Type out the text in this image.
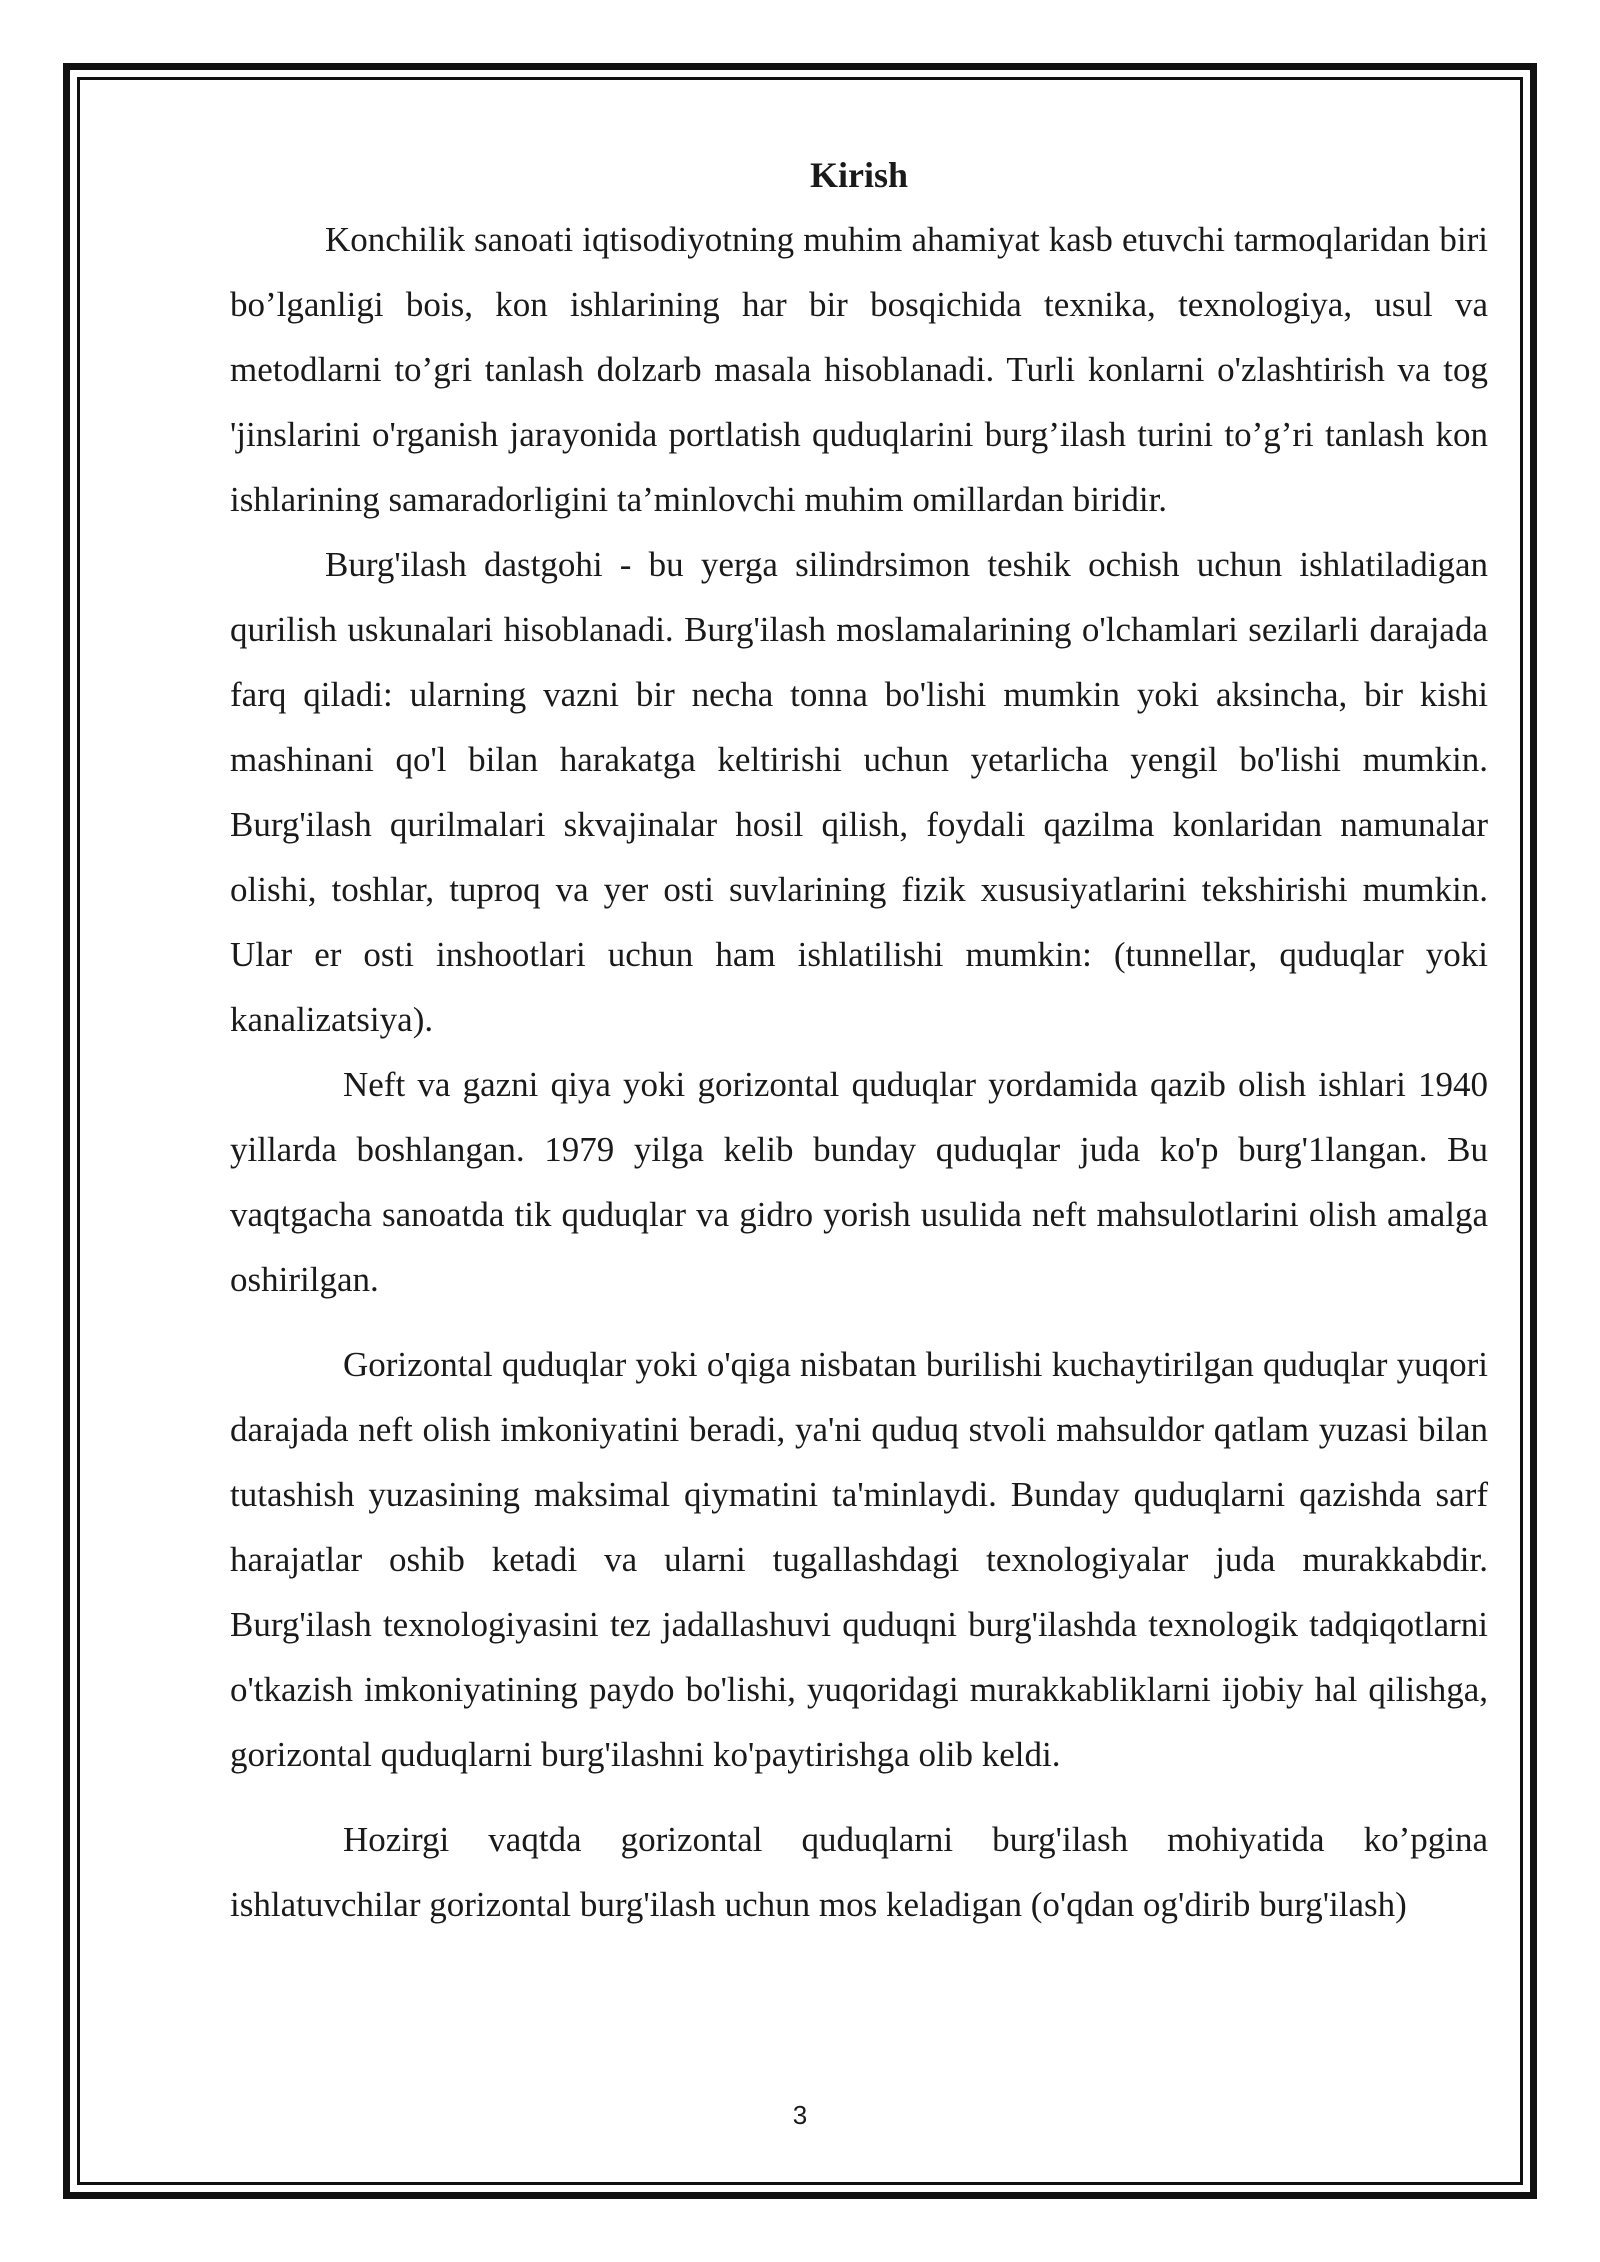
Kirish

Konchilik sanoati iqtisodiyotning muhim ahamiyat kasb etuvchi tarmoqlaridan biri bo’lganligi bois, kon ishlarining har bir bosqichida texnika, texnologiya, usul va metodlarni to’gri tanlash dolzarb masala hisoblanadi. Turli konlarni o'zlashtirish va tog 'jinslarini o'rganish jarayonida portlatish quduqlarini burg’ilash turini to’g’ri tanlash kon ishlarining samaradorligini ta’minlovchi muhim omillardan biridir.

Burg'ilash dastgohi - bu yerga silindrsimon teshik ochish uchun ishlatiladigan qurilish uskunalari hisoblanadi. Burg'ilash moslamalarining o'lchamlari sezilarli darajada farq qiladi: ularning vazni bir necha tonna bo'lishi mumkin yoki aksincha, bir kishi mashinani qo'l bilan harakatga keltirishi uchun yetarlicha yengil bo'lishi mumkin. Burg'ilash qurilmalari skvajinalar hosil qilish, foydali qazilma konlaridan namunalar olishi, toshlar, tuproq va yer osti suvlarining fizik xususiyatlarini tekshirishi mumkin. Ular er osti inshootlari uchun ham ishlatilishi mumkin: (tunnellar, quduqlar yoki kanalizatsiya).

Neft va gazni qiya yoki gorizontal quduqlar yordamida qazib olish ishlari 1940 yillarda boshlangan. 1979 yilga kelib bunday quduqlar juda ko'p burg'1langan. Bu vaqtgacha sanoatda tik quduqlar va gidro yorish usulida neft mahsulotlarini olish amalga oshirilgan.

Gorizontal quduqlar yoki o'qiga nisbatan burilishi kuchaytirilgan quduqlar yuqori darajada neft olish imkoniyatini beradi, ya'ni quduq stvoli mahsuldor qatlam yuzasi bilan tutashish yuzasining maksimal qiymatini ta'minlaydi. Bunday quduqlarni qazishda sarf harajatlar oshib ketadi va ularni tugallashdagi texnologiyalar juda murakkabdir. Burg'ilash texnologiyasini tez jadallashuvi quduqni burg'ilashda texnologik tadqiqotlarni o'tkazish imkoniyatining paydo bo'lishi, yuqoridagi murakkabliklarni ijobiy hal qilishga, gorizontal quduqlarni burg'ilashni ko'paytirishga olib keldi.

Hozirgi vaqtda gorizontal quduqlarni burg'ilash mohiyatida ko’pgina ishlatuvchilar gorizontal burg'ilash uchun mos keladigan (o'qdan og'dirib burg'ilash)

3
